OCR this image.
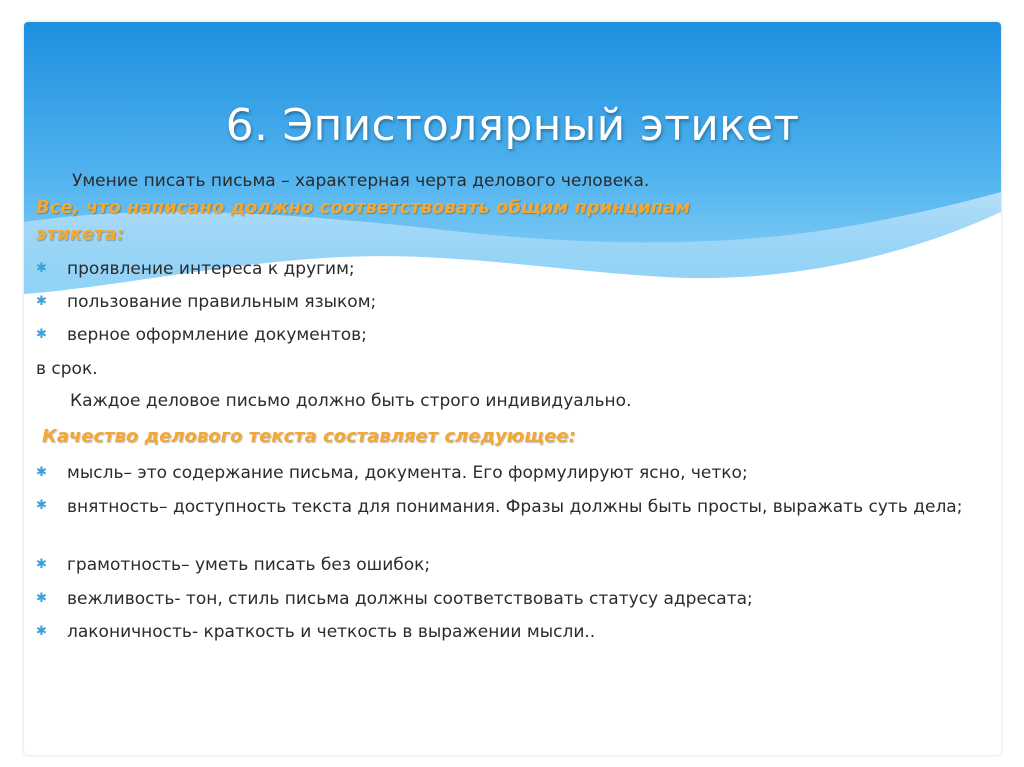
6. Эпистолярный этикет
Умение писать письма – характерная черта делового человека.
Все, что написано должно соответствовать общим принципам
этикета:
✱	проявление интереса к другим;
✱	пользование правильным языком;
✱	верное оформление документов;
в срок.
Каждое деловое письмо должно быть строго индивидуально.
Качество делового текста составляет следующее:
✱	мысль– это содержание письма, документа. Его формулируют ясно, четко;
✱	внятность– доступность текста для понимания. Фразы должны быть просты, выражать суть дела;
✱	грамотность– уметь писать без ошибок;
✱	вежливость- тон, стиль письма должны соответствовать статусу адресата;
✱	лаконичность- краткость и четкость в выражении мысли..
